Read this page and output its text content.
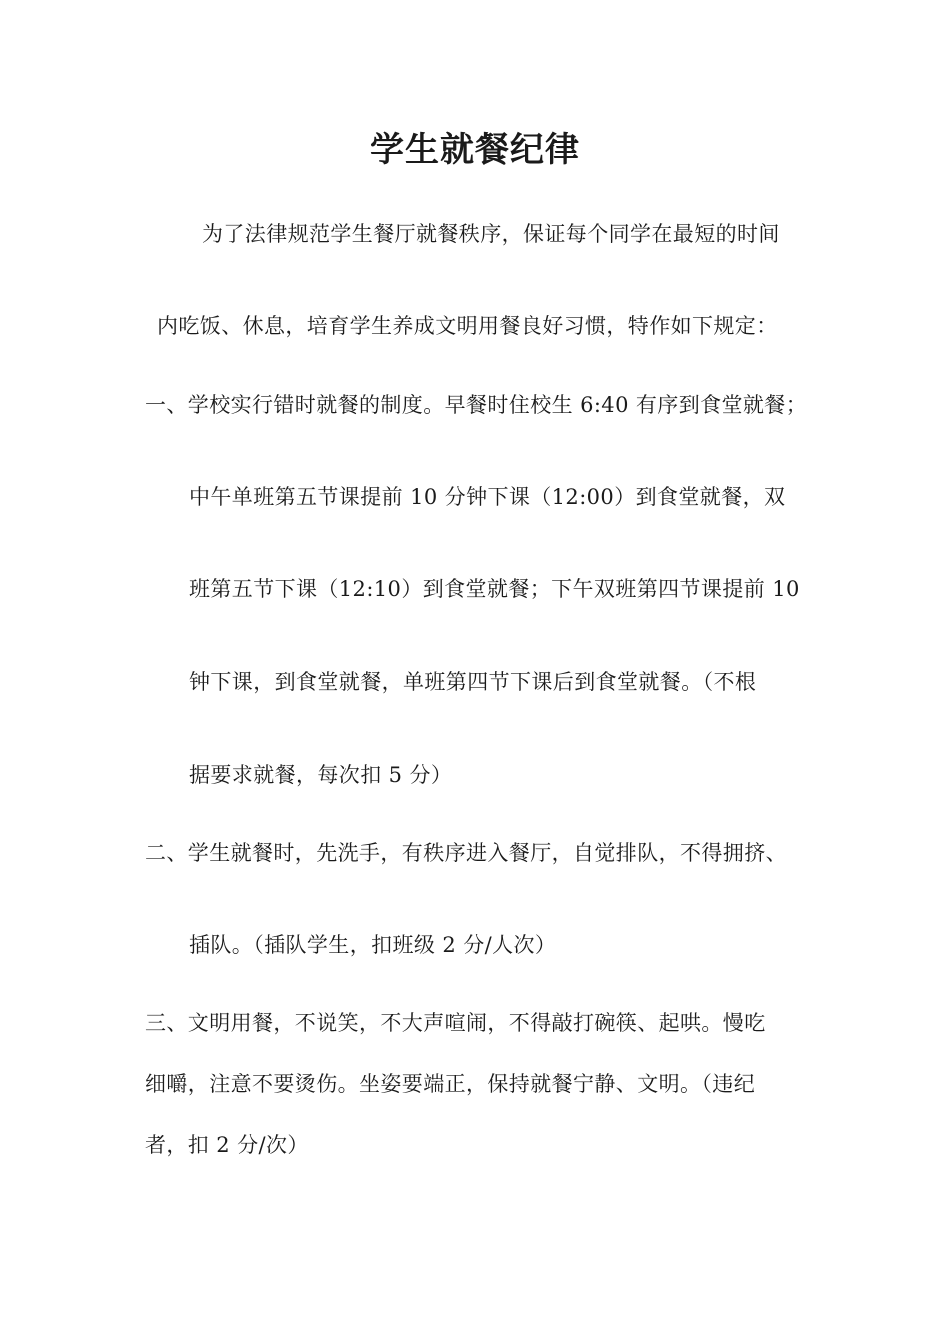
学生就餐纪律
为了法律规范学生餐厅就餐秩序，保证每个同学在最短的时间
内吃饭、休息，培育学生养成文明用餐良好习惯，特作如下规定：
一、学校实行错时就餐的制度。早餐时住校生 6:40 有序到食堂就餐；
中午单班第五节课提前 10 分钟下课（12:00）到食堂就餐，双
班第五节下课（12:10）到食堂就餐；下午双班第四节课提前 10
钟下课，到食堂就餐，单班第四节下课后到食堂就餐。（不根
据要求就餐，每次扣 5 分）
二、学生就餐时，先洗手，有秩序进入餐厅，自觉排队，不得拥挤、
插队。（插队学生，扣班级 2 分/人次）
三、文明用餐，不说笑，不大声喧闹，不得敲打碗筷、起哄。慢吃
细嚼，注意不要烫伤。坐姿要端正，保持就餐宁静、文明。（违纪
者，扣 2 分/次）
